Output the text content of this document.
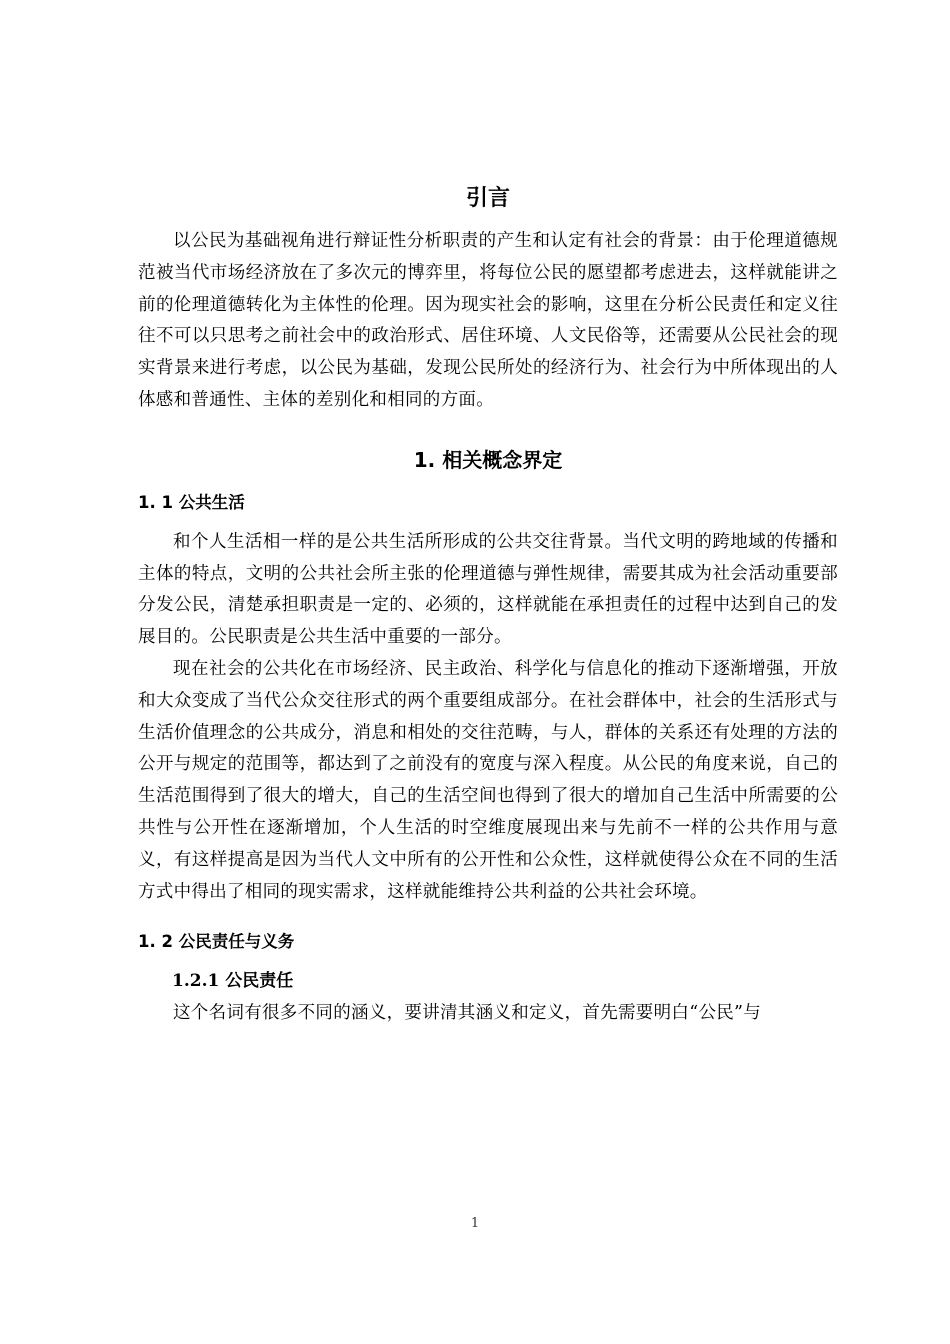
引言

以公民为基础视角进行辩证性分析职责的产生和认定有社会的背景：由于伦理道德规范被当代市场经济放在了多次元的博弈里，将每位公民的愿望都考虑进去，这样就能讲之前的伦理道德转化为主体性的伦理。因为现实社会的影响，这里在分析公民责任和定义往往不可以只思考之前社会中的政治形式、居住环境、人文民俗等，还需要从公民社会的现实背景来进行考虑，以公民为基础，发现公民所处的经济行为、社会行为中所体现出的人体感和普通性、主体的差别化和相同的方面。

1. 相关概念界定
1. 1 公共生活

和个人生活相一样的是公共生活所形成的公共交往背景。当代文明的跨地域的传播和主体的特点，文明的公共社会所主张的伦理道德与弹性规律，需要其成为社会活动重要部分发公民，清楚承担职责是一定的、必须的，这样就能在承担责任的过程中达到自己的发展目的。公民职责是公共生活中重要的一部分。

现在社会的公共化在市场经济、民主政治、科学化与信息化的推动下逐渐增强，开放和大众变成了当代公众交往形式的两个重要组成部分。在社会群体中，社会的生活形式与生活价值理念的公共成分，消息和相处的交往范畴，与人，群体的关系还有处理的方法的公开与规定的范围等，都达到了之前没有的宽度与深入程度。从公民的角度来说，自己的生活范围得到了很大的增大，自己的生活空间也得到了很大的增加自己生活中所需要的公共性与公开性在逐渐增加，个人生活的时空维度展现出来与先前不一样的公共作用与意义，有这样提高是因为当代人文中所有的公开性和公众性，这样就使得公众在不同的生活方式中得出了相同的现实需求，这样就能维持公共利益的公共社会环境。

1. 2 公民责任与义务
1.2.1 公民责任

这个名词有很多不同的涵义，要讲清其涵义和定义，首先需要明白“公民”与

1
